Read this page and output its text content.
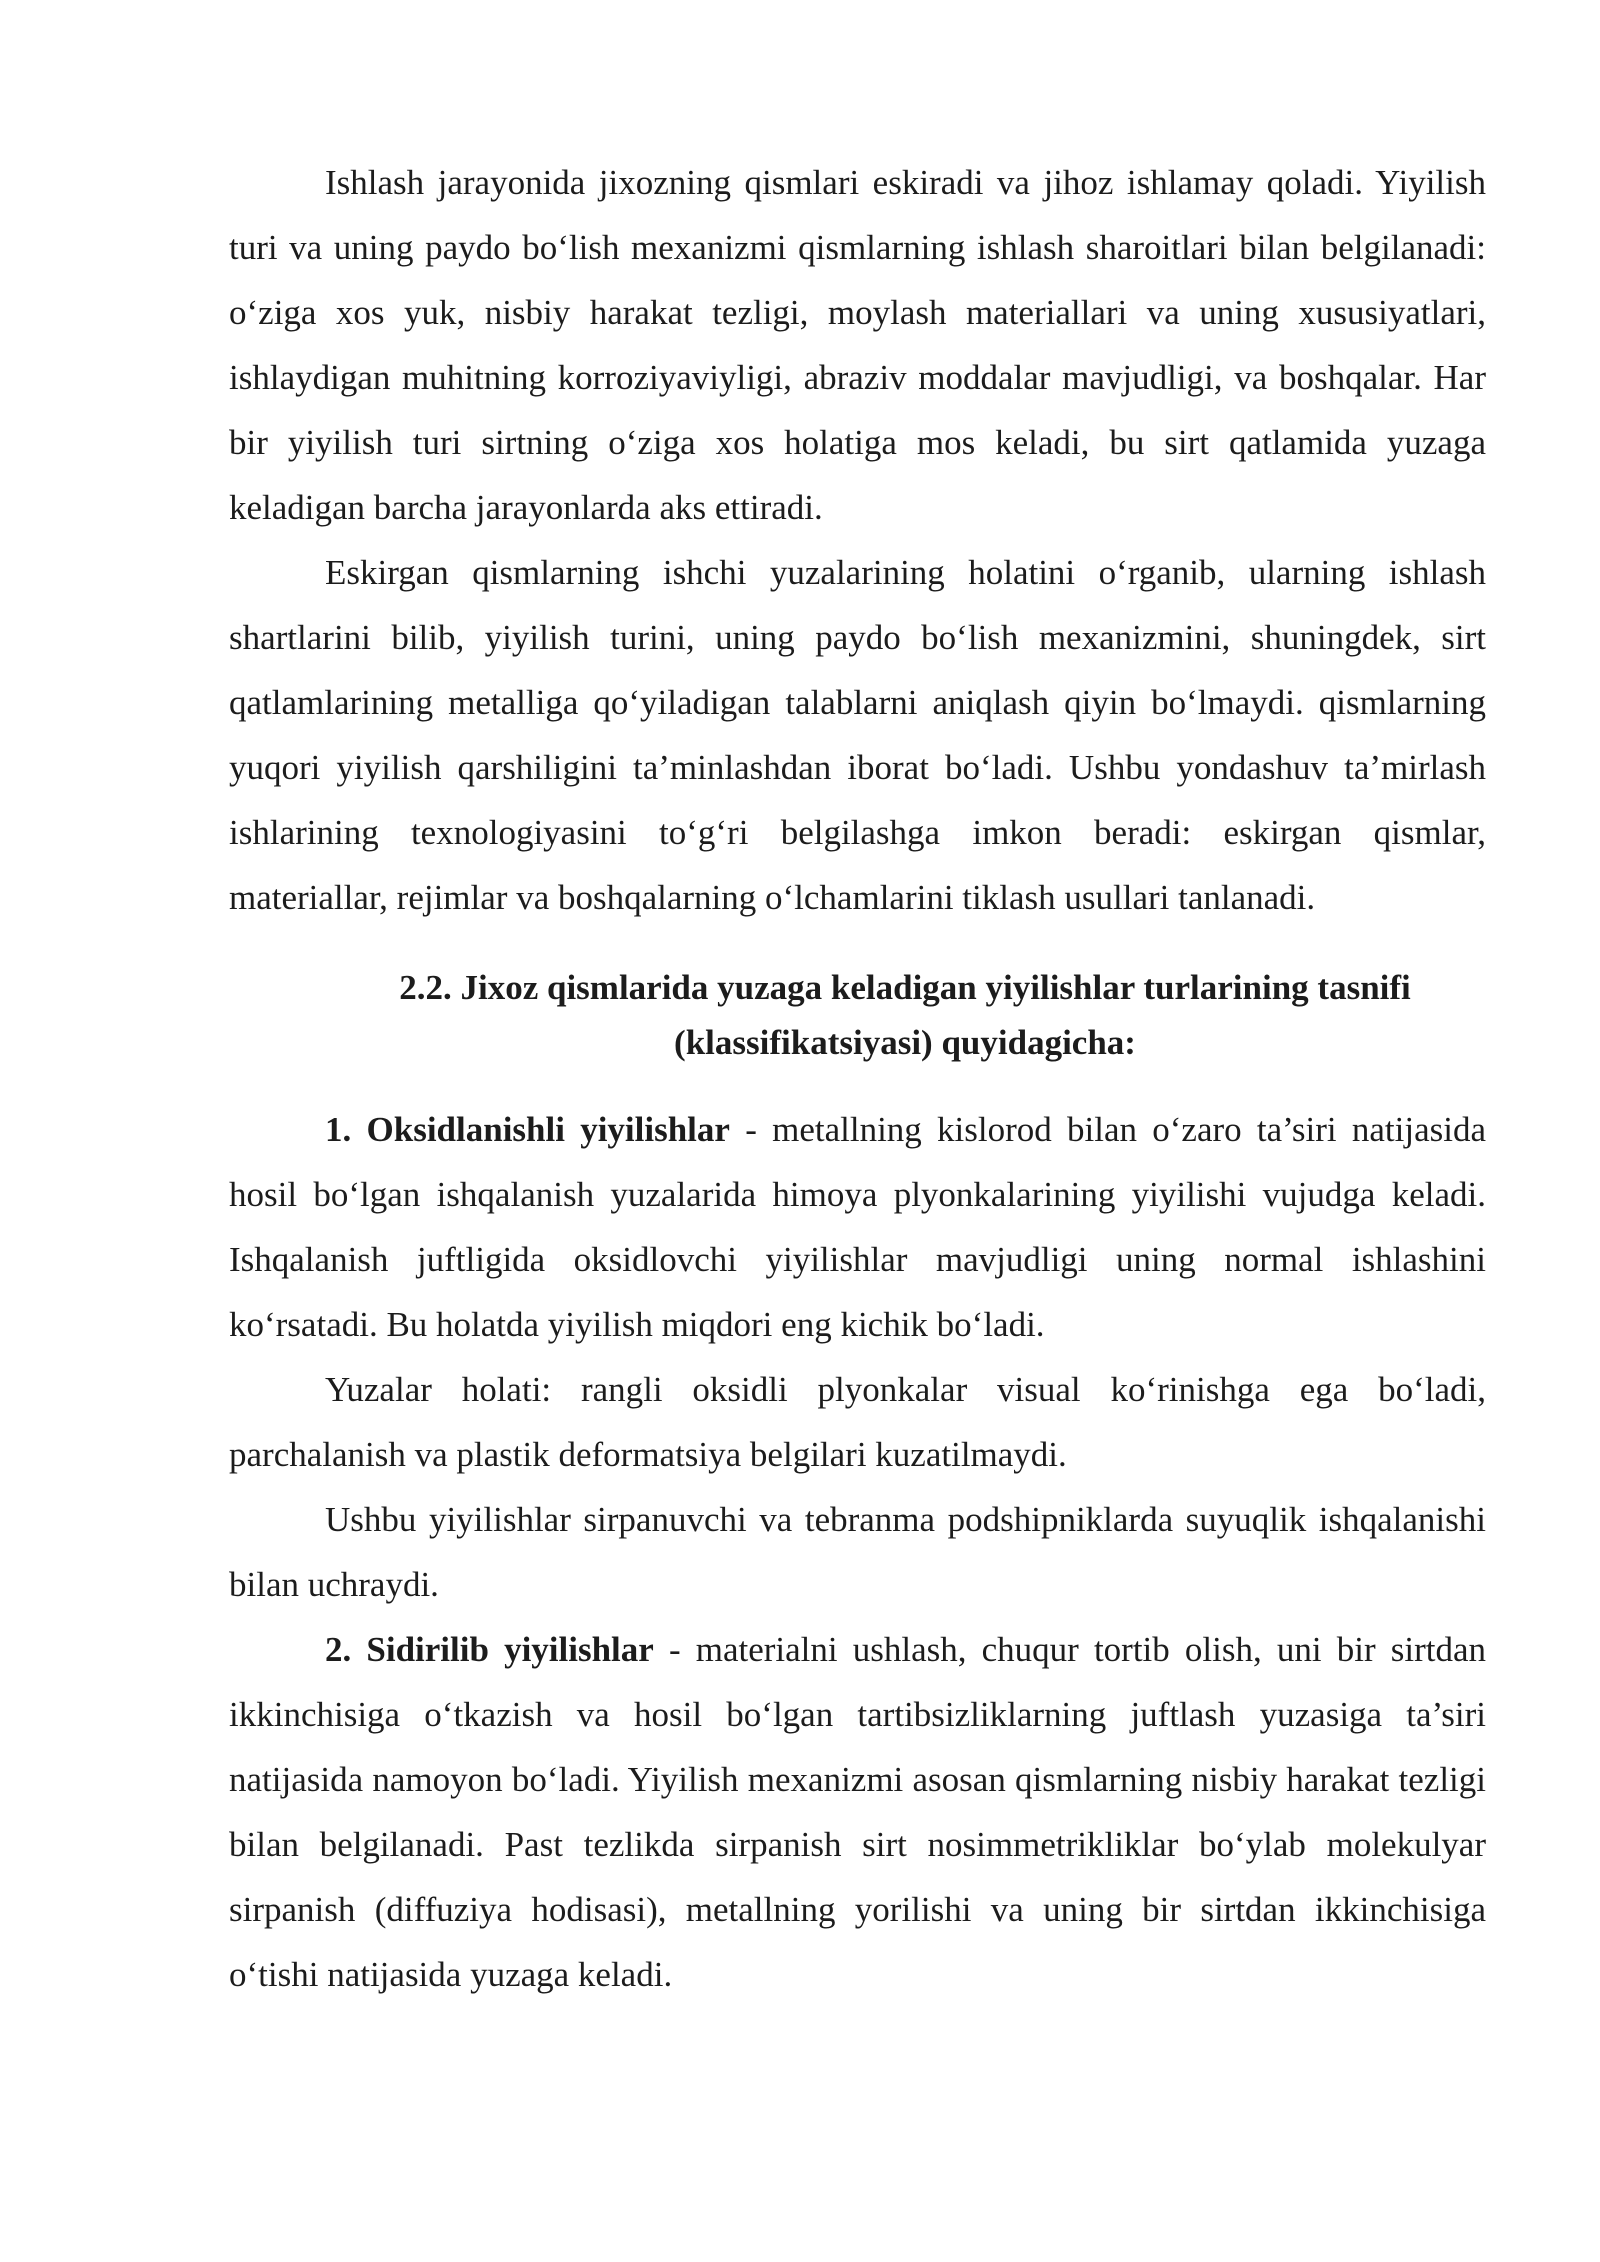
Ishlash jarayonida jixozning qismlari eskiradi va jihoz ishlamay qoladi. Yiyilish turi va uning paydo bo‘lish mexanizmi qismlarning ishlash sharoitlari bilan belgilanadi: o‘ziga xos yuk, nisbiy harakat tezligi, moylash materiallari va uning xususiyatlari, ishlaydigan muhitning korroziyaviyligi, abraziv moddalar mavjudligi, va boshqalar. Har bir yiyilish turi sirtning o‘ziga xos holatiga mos keladi, bu sirt qatlamida yuzaga keladigan barcha jarayonlarda aks ettiradi.

Eskirgan qismlarning ishchi yuzalarining holatini o‘rganib, ularning ishlash shartlarini bilib, yiyilish turini, uning paydo bo‘lish mexanizmini, shuningdek, sirt qatlamlarining metalliga qo‘yiladigan talablarni aniqlash qiyin bo‘lmaydi. qismlarning yuqori yiyilish qarshiligini ta’minlashdan iborat bo‘ladi. Ushbu yondashuv ta’mirlash ishlarining texnologiyasini to‘g‘ri belgilashga imkon beradi: eskirgan qismlar, materiallar, rejimlar va boshqalarning o‘lchamlarini tiklash usullari tanlanadi.

2.2. Jixoz qismlarida yuzaga keladigan yiyilishlar turlarining tasnifi
(klassifikatsiyasi) quyidagicha:

1. Oksidlanishli yiyilishlar - metallning kislorod bilan o‘zaro ta’siri natijasida hosil bo‘lgan ishqalanish yuzalarida himoya plyonkalarining yiyilishi vujudga keladi. Ishqalanish juftligida oksidlovchi yiyilishlar mavjudligi uning normal ishlashini ko‘rsatadi. Bu holatda yiyilish miqdori eng kichik bo‘ladi.

Yuzalar holati: rangli oksidli plyonkalar visual ko‘rinishga ega bo‘ladi, parchalanish va plastik deformatsiya belgilari kuzatilmaydi.

Ushbu yiyilishlar sirpanuvchi va tebranma podshipniklarda suyuqlik ishqalanishi bilan uchraydi.

2. Sidirilib yiyilishlar - materialni ushlash, chuqur tortib olish, uni bir sirtdan ikkinchisiga o‘tkazish va hosil bo‘lgan tartibsizliklarning juftlash yuzasiga ta’siri natijasida namoyon bo‘ladi. Yiyilish mexanizmi asosan qismlarning nisbiy harakat tezligi bilan belgilanadi. Past tezlikda sirpanish sirt nosimmetrikliklar bo‘ylab molekulyar sirpanish (diffuziya hodisasi), metallning yorilishi va uning bir sirtdan ikkinchisiga o‘tishi natijasida yuzaga keladi.
